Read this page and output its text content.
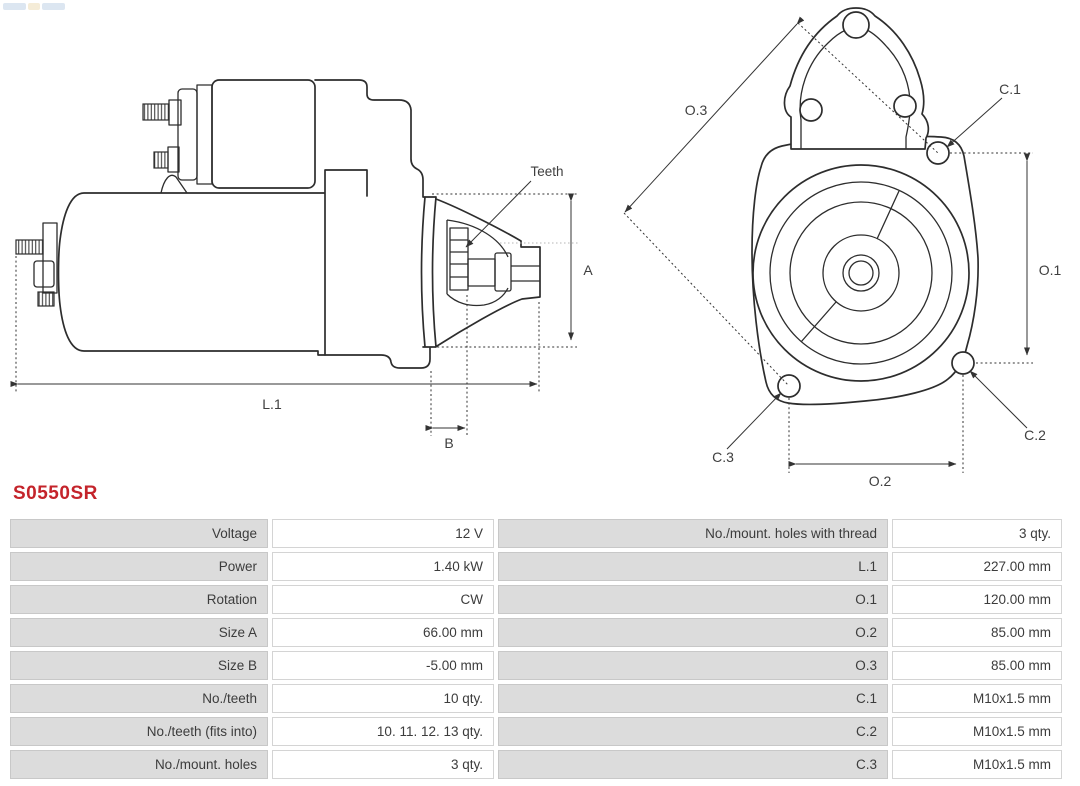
A
Teeth
L.1
B
O.3
C.1
O.1
O.2
C.2
C.3
S0550SR
Voltage	12 V	No./mount. holes with thread	3 qty.
Power	1.40 kW	L.1	227.00 mm
Rotation	CW	O.1	120.00 mm
Size A	66.00 mm	O.2	85.00 mm
Size B	-5.00 mm	O.3	85.00 mm
No./teeth	10 qty.	C.1	M10x1.5 mm
No./teeth (fits into)	10. 11. 12. 13 qty.	C.2	M10x1.5 mm
No./mount. holes	3 qty.	C.3	M10x1.5 mm
